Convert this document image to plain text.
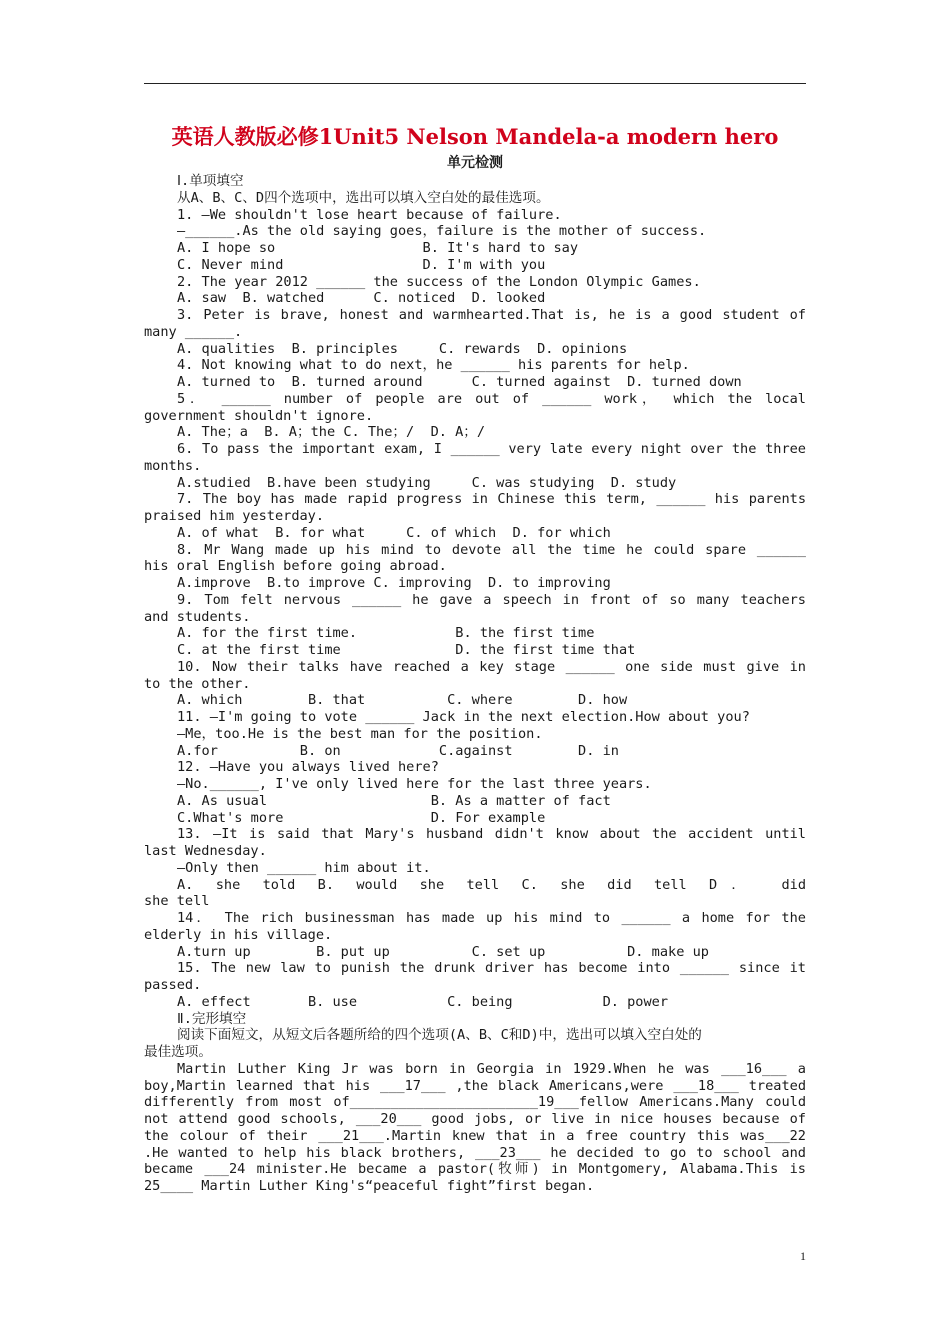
英语人教版必修1Unit5 Nelson Mandela-a modern hero
单元检测
Ⅰ.单项填空
从A、B、C、D四个选项中，选出可以填入空白处的最佳选项。
1. —We shouldn't lose heart because of failure.
—______.As the old saying goes，failure is the mother of success.
A. I hope so                  B. It's hard to say
C. Never mind                 D. I'm with you
2. The year 2012 ______ the success of the London Olympic Games.
A. saw  B. watched      C. noticed  D. looked
3. Peter is brave, honest and warmhearted.That is, he is a good student of
many ______.
A. qualities  B. principles     C. rewards  D. opinions
4. Not knowing what to do next，he ______ his parents for help.
A. turned to  B. turned around      C. turned against  D. turned down
5． ______ number of people are out of ______ work， which the local
government shouldn't ignore.
A. The；a  B. A；the C. The；/  D. A；/
6. To pass the important exam, I ______ very late every night over the three
months.
A.studied  B.have been studying     C. was studying  D. study
7. The boy has made rapid progress in Chinese this term, ______ his parents
praised him yesterday.
A. of what  B. for what     C. of which  D. for which
8. Mr Wang made up his mind to devote all the time he could spare ______
his oral English before going abroad.
A.improve  B.to improve C. improving  D. to improving
9. Tom felt nervous ______ he gave a speech in front of so many teachers
and students.
A. for the first time.            B. the first time
C. at the first time              D. the first time that
10. Now their talks have reached a key stage ______ one side must give in
to the other.
A. which        B. that          C. where        D. how
11. —I'm going to vote ______ Jack in the next election.How about you?
—Me，too.He is the best man for the position.
A.for          B. on            C.against        D. in
12. —Have you always lived here?
—No.______, I've only lived here for the last three years.
A. As usual                    B. As a matter of fact
C.What's more                  D. For example
13. —It is said that Mary's husband didn't know about the accident until
last Wednesday.
—Only then ______ him about it.
A. she told B. would she tell C. she did tell D． did
she tell
14． The rich businessman has made up his mind to ______ a home for the
elderly in his village.
A.turn up        B. put up          C. set up          D. make up
15. The new law to punish the drunk driver has become into ______ since it
passed.
A. effect       B. use           C. being           D. power
Ⅱ.完形填空
阅读下面短文，从短文后各题所给的四个选项(A、B、C和D)中，选出可以填入空白处的
最佳选项。
Martin Luther King Jr was born in Georgia in 1929.When he was ___16___ a
boy,Martin learned that his ___17___ ,the black Americans,were ___18___ treated
differently from most of_______________________19___fellow Americans.Many could
not attend good schools, ___20___ good jobs, or live in nice houses because of
the colour of their ___21___.Martin knew that in a free country this was___22
.He wanted to help his black brothers, ___23___ he decided to go to school and
became ___24 minister.He became a pastor(牧师) in Montgomery, Alabama.This is
25____ Martin Luther King's“peaceful fight”first began.
1
